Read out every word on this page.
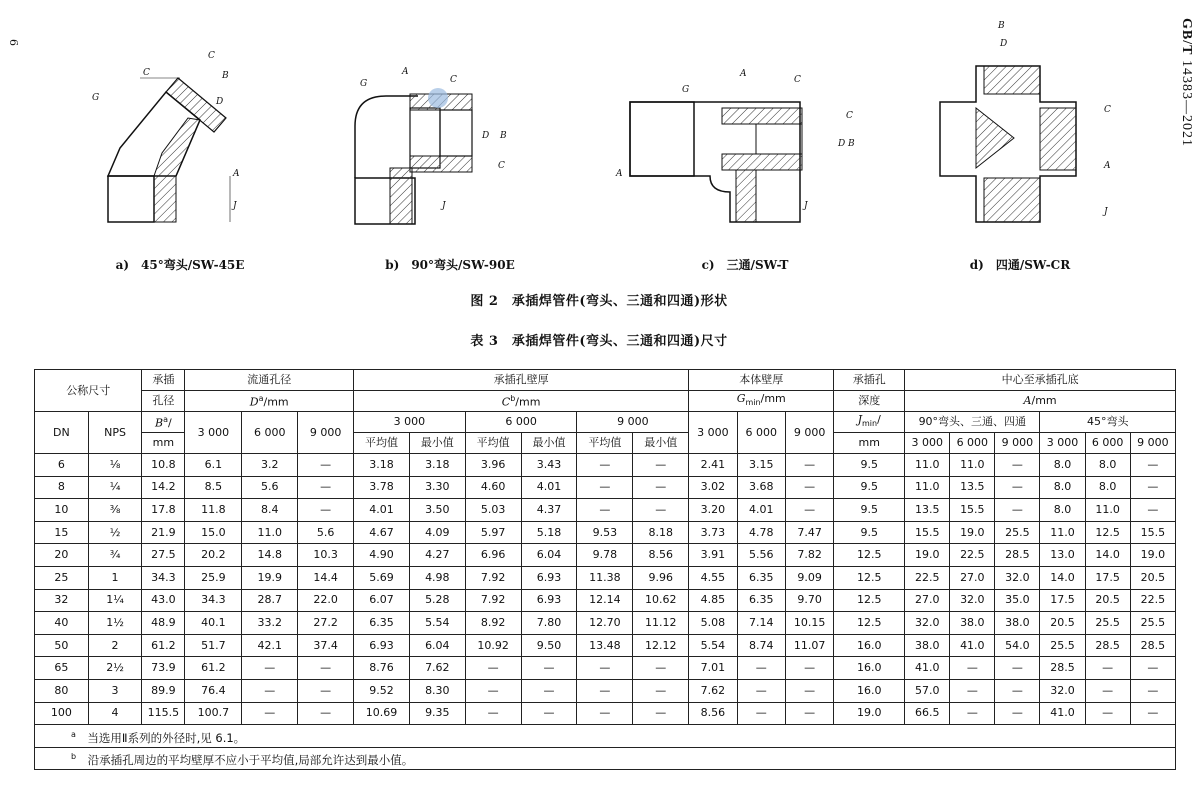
6	GB/T 14383—2021
C
C
B
D
G
A
J
a)　45°弯头/SW-45E
G
A
C
D B
C
J
b)　90°弯头/SW-90E
G
A
C
D B
C
A
J
c)　三通/SW-T
B
D
C
A
J
d)　四通/SW-CR
图 2　承插焊管件(弯头、三通和四通)形状
表 3　承插焊管件(弯头、三通和四通)尺寸
公称尺寸		承插	流通孔径			承插孔壁厚						本体壁厚			承插孔	中心至承插孔底					
		孔径	$D^a/mm$			$C^b/mm$						$G_{min}/mm$			深度	A/mm					
DN	NPS	$B^a/$	3 000	6 000	9 000	3 000		6 000		9 000		3 000	6 000	9 000	$J_{min}/$	90°弯头、三通、四通			45°弯头		
		mm				平均值	最小值	平均值	最小值	平均值	最小值				mm	3 000	6 000	9 000	3 000	6 000	9 000
6	⅛	10.8	6.1	3.2	—	3.18	3.18	3.96	3.43	—	—	2.41	3.15	—	9.5	11.0	11.0	—	8.0	8.0	—
8	¼	14.2	8.5	5.6	—	3.78	3.30	4.60	4.01	—	—	3.02	3.68	—	9.5	11.0	13.5	—	8.0	8.0	—
10	⅜	17.8	11.8	8.4	—	4.01	3.50	5.03	4.37	—	—	3.20	4.01	—	9.5	13.5	15.5	—	8.0	11.0	—
15	½	21.9	15.0	11.0	5.6	4.67	4.09	5.97	5.18	9.53	8.18	3.73	4.78	7.47	9.5	15.5	19.0	25.5	11.0	12.5	15.5
20	¾	27.5	20.2	14.8	10.3	4.90	4.27	6.96	6.04	9.78	8.56	3.91	5.56	7.82	12.5	19.0	22.5	28.5	13.0	14.0	19.0
25	1	34.3	25.9	19.9	14.4	5.69	4.98	7.92	6.93	11.38	9.96	4.55	6.35	9.09	12.5	22.5	27.0	32.0	14.0	17.5	20.5
32	1¼	43.0	34.3	28.7	22.0	6.07	5.28	7.92	6.93	12.14	10.62	4.85	6.35	9.70	12.5	27.0	32.0	35.0	17.5	20.5	22.5
40	1½	48.9	40.1	33.2	27.2	6.35	5.54	8.92	7.80	12.70	11.12	5.08	7.14	10.15	12.5	32.0	38.0	38.0	20.5	25.5	25.5
50	2	61.2	51.7	42.1	37.4	6.93	6.04	10.92	9.50	13.48	12.12	5.54	8.74	11.07	16.0	38.0	41.0	54.0	25.5	28.5	28.5
65	2½	73.9	61.2	—	—	8.76	7.62	—	—	—	—	7.01	—	—	16.0	41.0	—	—	28.5	—	—
80	3	89.9	76.4	—	—	9.52	8.30	—	—	—	—	7.62	—	—	16.0	57.0	—	—	32.0	—	—
100	4	115.5	100.7	—	—	10.69	9.35	—	—	—	—	8.56	—	—	19.0	66.5	—	—	41.0	—	—
$^a$　 当选用Ⅱ系列的外径时,见 6.1。																					
$^b$　 沿承插孔周边的平均壁厚不应小于平均值,局部允许达到最小值。																					
